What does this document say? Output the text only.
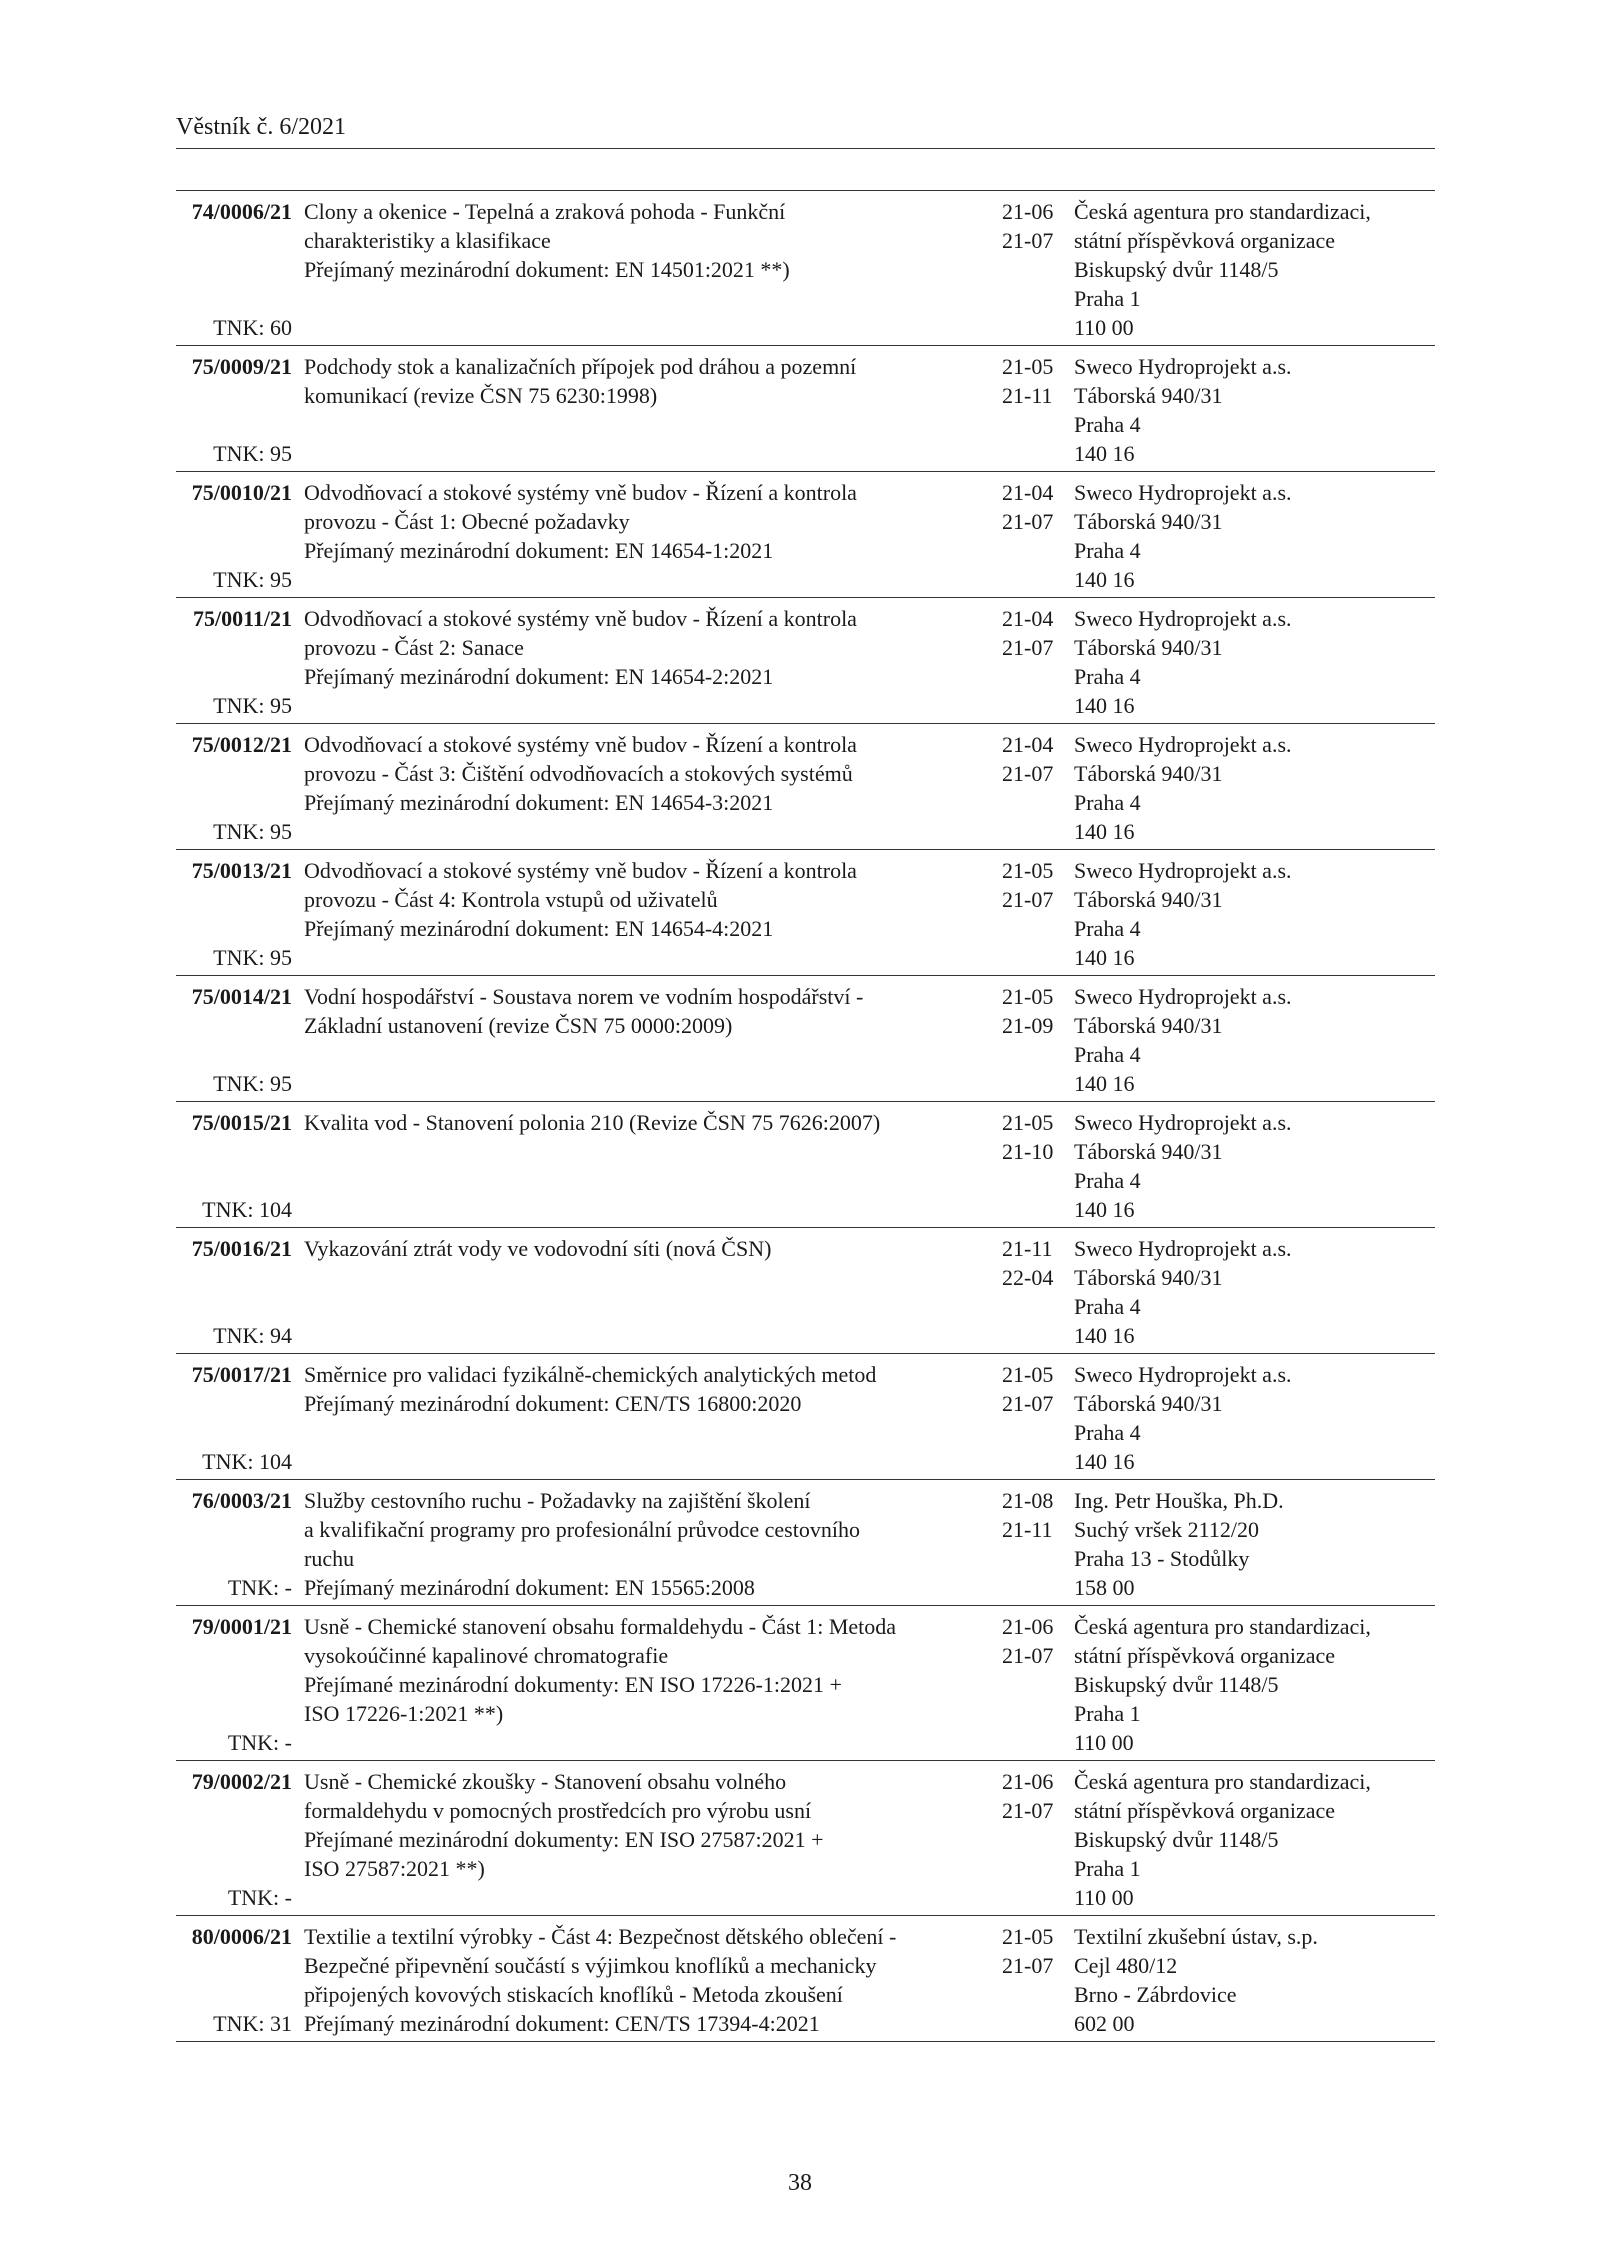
Věstník č. 6/2021
74/0006/21
TNK: 60
Clony a okenice - Tepelná a zraková pohoda - Funkční
charakteristiky a klasifikace
Přejímaný mezinárodní dokument: EN 14501:2021 **)
21-06
21-07
Česká agentura pro standardizaci,
státní příspěvková organizace
Biskupský dvůr 1148/5
Praha 1
110 00
75/0009/21
TNK: 95
Podchody stok a kanalizačních přípojek pod dráhou a pozemní
komunikací (revize ČSN 75 6230:1998)
21-05
21-11
Sweco Hydroprojekt a.s.
Táborská 940/31
Praha 4
140 16
75/0010/21
TNK: 95
Odvodňovací a stokové systémy vně budov - Řízení a kontrola
provozu - Část 1: Obecné požadavky
Přejímaný mezinárodní dokument: EN 14654-1:2021
21-04
21-07
Sweco Hydroprojekt a.s.
Táborská 940/31
Praha 4
140 16
75/0011/21
TNK: 95
Odvodňovací a stokové systémy vně budov - Řízení a kontrola
provozu - Část 2: Sanace
Přejímaný mezinárodní dokument: EN 14654-2:2021
21-04
21-07
Sweco Hydroprojekt a.s.
Táborská 940/31
Praha 4
140 16
75/0012/21
TNK: 95
Odvodňovací a stokové systémy vně budov - Řízení a kontrola
provozu - Část 3: Čištění odvodňovacích a stokových systémů
Přejímaný mezinárodní dokument: EN 14654-3:2021
21-04
21-07
Sweco Hydroprojekt a.s.
Táborská 940/31
Praha 4
140 16
75/0013/21
TNK: 95
Odvodňovací a stokové systémy vně budov - Řízení a kontrola
provozu - Část 4: Kontrola vstupů od uživatelů
Přejímaný mezinárodní dokument: EN 14654-4:2021
21-05
21-07
Sweco Hydroprojekt a.s.
Táborská 940/31
Praha 4
140 16
75/0014/21
TNK: 95
Vodní hospodářství - Soustava norem ve vodním hospodářství -
Základní ustanovení (revize ČSN 75 0000:2009)
21-05
21-09
Sweco Hydroprojekt a.s.
Táborská 940/31
Praha 4
140 16
75/0015/21
TNK: 104
Kvalita vod - Stanovení polonia 210 (Revize ČSN 75 7626:2007)	21-05
21-10
Sweco Hydroprojekt a.s.
Táborská 940/31
Praha 4
140 16
75/0016/21
TNK: 94
Vykazování ztrát vody ve vodovodní síti (nová ČSN)	21-11
22-04
Sweco Hydroprojekt a.s.
Táborská 940/31
Praha 4
140 16
75/0017/21
TNK: 104
Směrnice pro validaci fyzikálně-chemických analytických metod
Přejímaný mezinárodní dokument: CEN/TS 16800:2020
21-05
21-07
Sweco Hydroprojekt a.s.
Táborská 940/31
Praha 4
140 16
76/0003/21
TNK: -
Služby cestovního ruchu - Požadavky na zajištění školení
a kvalifikační programy pro profesionální průvodce cestovního
ruchu
Přejímaný mezinárodní dokument: EN 15565:2008
21-08
21-11
Ing. Petr Houška, Ph.D.
Suchý vršek 2112/20
Praha 13 - Stodůlky
158 00
79/0001/21
TNK: -
Usně - Chemické stanovení obsahu formaldehydu - Část 1: Metoda
vysokoúčinné kapalinové chromatografie
Přejímané mezinárodní dokumenty: EN ISO 17226-1:2021 +
ISO 17226-1:2021 **)
21-06
21-07
Česká agentura pro standardizaci,
státní příspěvková organizace
Biskupský dvůr 1148/5
Praha 1
110 00
79/0002/21
TNK: -
Usně - Chemické zkoušky - Stanovení obsahu volného
formaldehydu v pomocných prostředcích pro výrobu usní
Přejímané mezinárodní dokumenty: EN ISO 27587:2021 +
ISO 27587:2021 **)
21-06
21-07
Česká agentura pro standardizaci,
státní příspěvková organizace
Biskupský dvůr 1148/5
Praha 1
110 00
80/0006/21
TNK: 31
Textilie a textilní výrobky - Část 4: Bezpečnost dětského oblečení -
Bezpečné připevnění součástí s výjimkou knoflíků a mechanicky
připojených kovových stiskacích knoflíků - Metoda zkoušení
Přejímaný mezinárodní dokument: CEN/TS 17394-4:2021
21-05
21-07
Textilní zkušební ústav, s.p.
Cejl 480/12
Brno - Zábrdovice
602 00
38
